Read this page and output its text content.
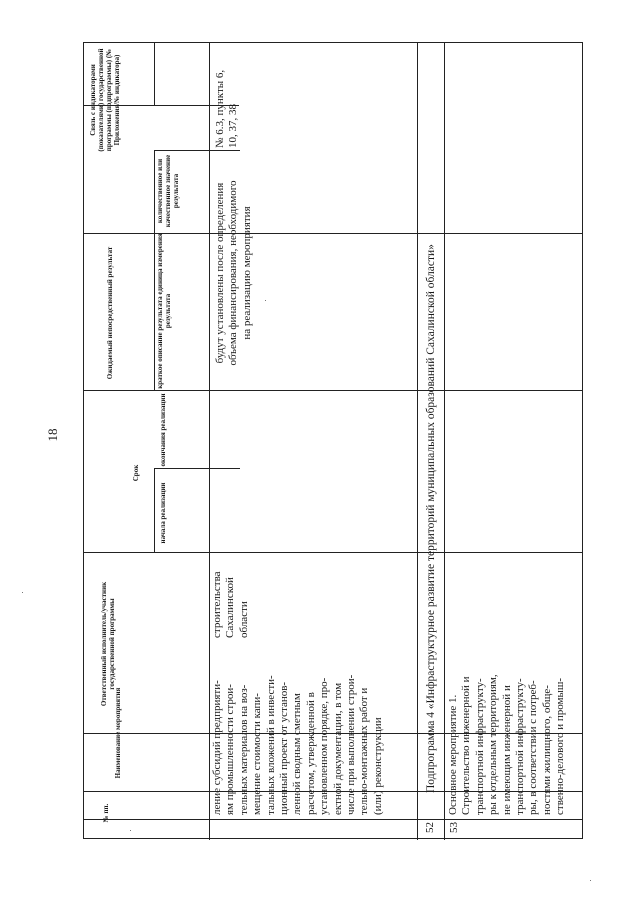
18
№ пп.
Наименование мероприятия
Ответственный исполнитель/участник государственной программы
Срок
начала реализации
окончания реализации
Ожидаемый непосредственный результат	краткое описание результата единица измерения результата
количественное или качественное значение результата
Связь с индикаторами (показателями) государственной программы (подпрограммы) (№ Приложения/№ индикатора)
ление субсидий предприяти- ям промышленности строи- тельных материалов на воз- мещение стоимости капи- тальных вложений в инвести- ционный проект от установ- ленной сводным сметным расчетом, утвержденной в установленном порядке, про- ектной документации, в том числе при выполнении строи- тельно-монтажных работ и (или) реконструкции
строительства Сахалинской области
будут установлены после определения объема финансирования, необходимого на реализацию мероприятия
№ 6.3, пункты 6, 10, 37, 38
52
Подпрограмма 4 «Инфраструктурное развитие территорий муниципальных образований Сахалинской области»
53
Основное мероприятие 1. Строительство инженерной и транспортной инфраструкту- ры к отдельным территориям, не имеющим инженерной и транспортной инфраструкту- ры, в соответствии с потреб- ностями жилищного, обще- ственно-делового и промыш-
